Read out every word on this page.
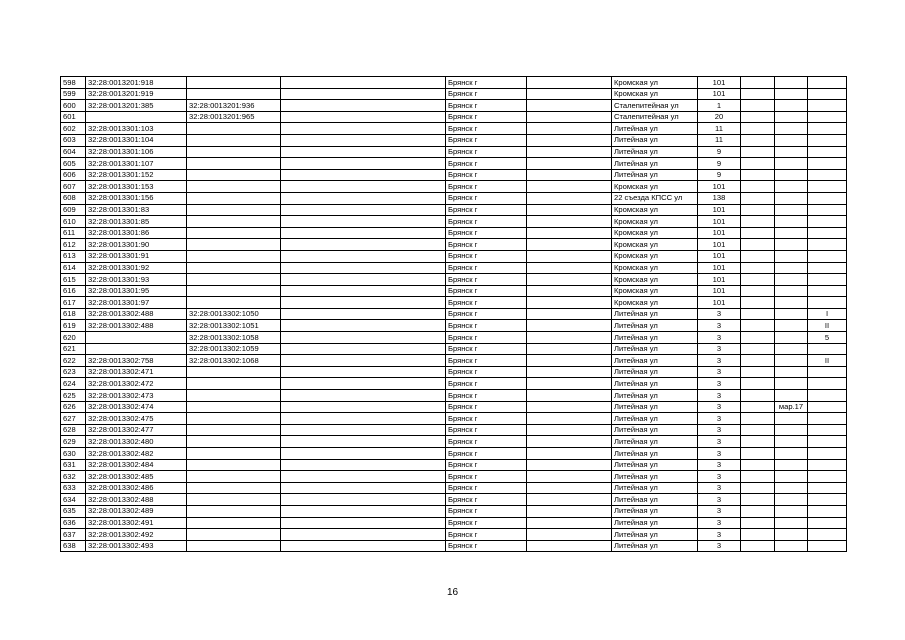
598	32:28:0013201:918			Брянск г		Кромская ул	101			
599	32:28:0013201:919			Брянск г		Кромская ул	101			
600	32:28:0013201:385	32:28:0013201:936		Брянск г		Сталепитейная ул	1			
601		32:28:0013201:965		Брянск г		Сталепитейная ул	20			
602	32:28:0013301:103			Брянск г		Литейная ул	11			
603	32:28:0013301:104			Брянск г		Литейная ул	11			
604	32:28:0013301:106			Брянск г		Литейная ул	9			
605	32:28:0013301:107			Брянск г		Литейная ул	9			
606	32:28:0013301:152			Брянск г		Литейная ул	9			
607	32:28:0013301:153			Брянск г		Кромская ул	101			
608	32:28:0013301:156			Брянск г		22 съезда КПСС ул	138			
609	32:28:0013301:83			Брянск г		Кромская ул	101			
610	32:28:0013301:85			Брянск г		Кромская ул	101			
611	32:28:0013301:86			Брянск г		Кромская ул	101			
612	32:28:0013301:90			Брянск г		Кромская ул	101			
613	32:28:0013301:91			Брянск г		Кромская ул	101			
614	32:28:0013301:92			Брянск г		Кромская ул	101			
615	32:28:0013301:93			Брянск г		Кромская ул	101			
616	32:28:0013301:95			Брянск г		Кромская ул	101			
617	32:28:0013301:97			Брянск г		Кромская ул	101			
618	32:28:0013302:488	32:28:0013302:1050		Брянск г		Литейная ул	3			I
619	32:28:0013302:488	32:28:0013302:1051		Брянск г		Литейная ул	3			II
620		32:28:0013302:1058		Брянск г		Литейная ул	3			5
621		32:28:0013302:1059		Брянск г		Литейная ул	3			
622	32:28:0013302:758	32:28:0013302:1068		Брянск г		Литейная ул	3			II
623	32:28:0013302:471			Брянск г		Литейная ул	3			
624	32:28:0013302:472			Брянск г		Литейная ул	3			
625	32:28:0013302:473			Брянск г		Литейная ул	3			
626	32:28:0013302:474			Брянск г		Литейная ул	3		мар.17	
627	32:28:0013302:475			Брянск г		Литейная ул	3			
628	32:28:0013302:477			Брянск г		Литейная ул	3			
629	32:28:0013302:480			Брянск г		Литейная ул	3			
630	32:28:0013302:482			Брянск г		Литейная ул	3			
631	32:28:0013302:484			Брянск г		Литейная ул	3			
632	32:28:0013302:485			Брянск г		Литейная ул	3			
633	32:28:0013302:486			Брянск г		Литейная ул	3			
634	32:28:0013302:488			Брянск г		Литейная ул	3			
635	32:28:0013302:489			Брянск г		Литейная ул	3			
636	32:28:0013302:491			Брянск г		Литейная ул	3			
637	32:28:0013302:492			Брянск г		Литейная ул	3			
638	32:28:0013302:493			Брянск г		Литейная ул	3			
16
